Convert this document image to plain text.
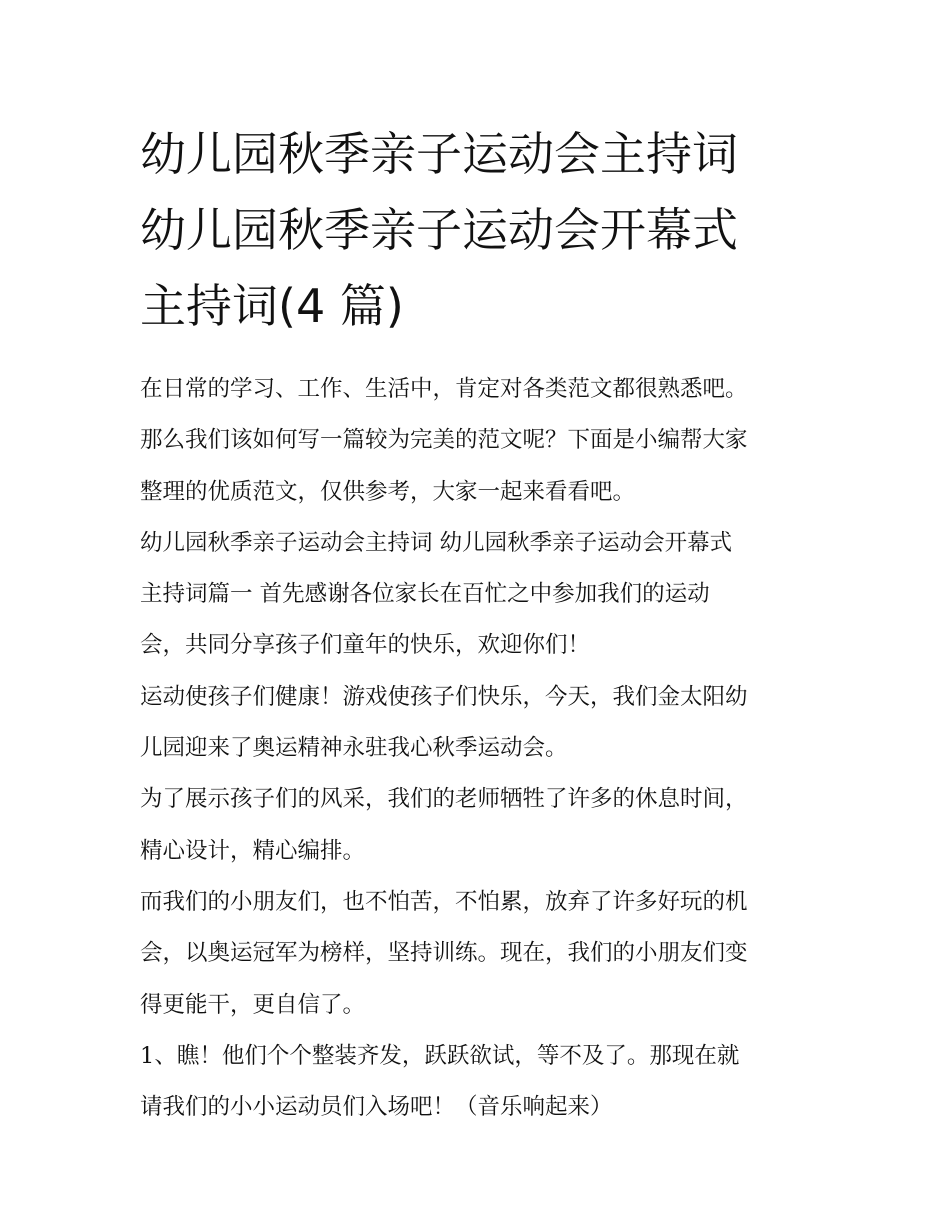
幼儿园秋季亲子运动会主持词
幼儿园秋季亲子运动会开幕式
主持词(4 篇)

在日常的学习、工作、生活中，肯定对各类范文都很熟悉吧。
那么我们该如何写一篇较为完美的范文呢？下面是小编帮大家
整理的优质范文，仅供参考，大家一起来看看吧。

幼儿园秋季亲子运动会主持词 幼儿园秋季亲子运动会开幕式
主持词篇一 首先感谢各位家长在百忙之中参加我们的运动
会，共同分享孩子们童年的快乐，欢迎你们！

运动使孩子们健康！游戏使孩子们快乐，今天，我们金太阳幼
儿园迎来了奥运精神永驻我心秋季运动会。

为了展示孩子们的风采，我们的老师牺牲了许多的休息时间，
精心设计，精心编排。

而我们的小朋友们，也不怕苦，不怕累，放弃了许多好玩的机
会，以奥运冠军为榜样，坚持训练。现在，我们的小朋友们变
得更能干，更自信了。

1、瞧！他们个个整装齐发，跃跃欲试，等不及了。那现在就
请我们的小小运动员们入场吧！（音乐响起来）
